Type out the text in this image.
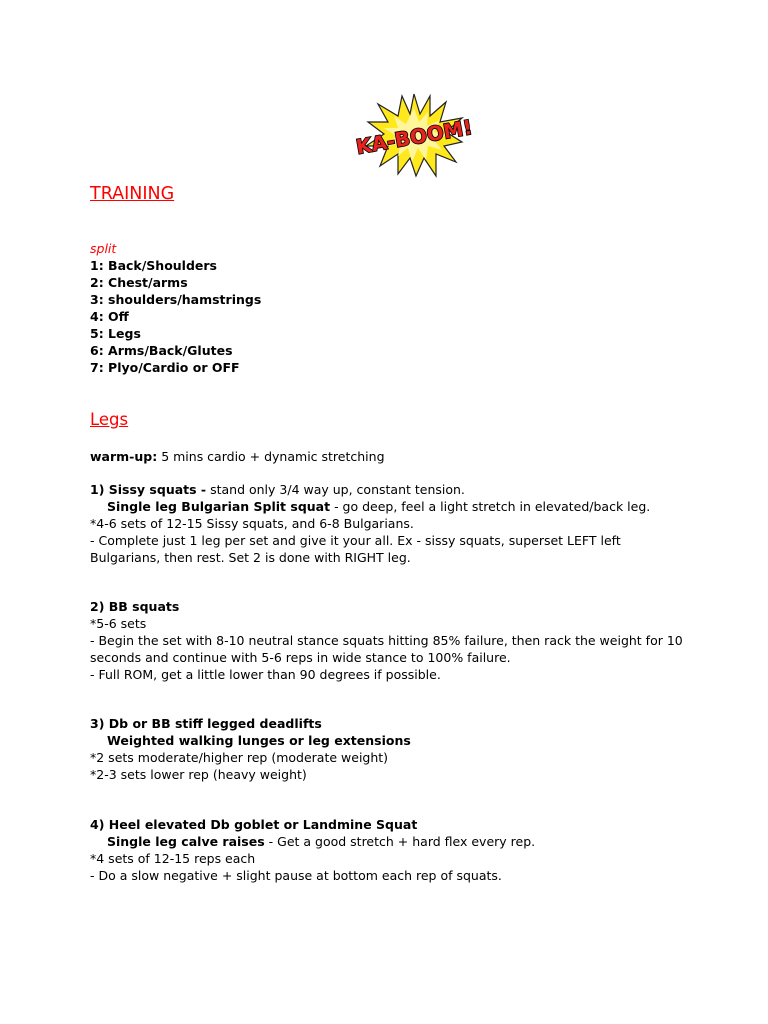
KA-BOOM!

TRAINING

split
1: Back/Shoulders
2: Chest/arms
3: shoulders/hamstrings
4: Off
5: Legs
6: Arms/Back/Glutes
7: Plyo/Cardio or OFF

Legs

warm-up: 5 mins cardio + dynamic stretching
1) Sissy squats - stand only 3/4 way up, constant tension.
Single leg Bulgarian Split squat - go deep, feel a light stretch in elevated/back leg.
*4-6 sets of 12-15 Sissy squats, and 6-8 Bulgarians.
- Complete just 1 leg per set and give it your all. Ex - sissy squats, superset LEFT left
Bulgarians, then rest. Set 2 is done with RIGHT leg.
2) BB squats
*5-6 sets
- Begin the set with 8-10 neutral stance squats hitting 85% failure, then rack the weight for 10
seconds and continue with 5-6 reps in wide stance to 100% failure.
- Full ROM, get a little lower than 90 degrees if possible.
3) Db or BB stiff legged deadlifts
Weighted walking lunges or leg extensions
*2 sets moderate/higher rep (moderate weight)
*2-3 sets lower rep (heavy weight)
4) Heel elevated Db goblet or Landmine Squat
Single leg calve raises - Get a good stretch + hard flex every rep.
*4 sets of 12-15 reps each
- Do a slow negative + slight pause at bottom each rep of squats.
